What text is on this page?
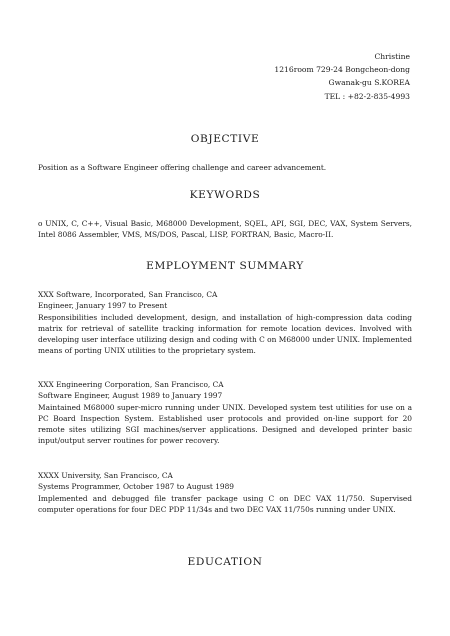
Christine
1216room 729-24 Bongcheon-dong
Gwanak-gu S.KOREA
TEL : +82-2-835-4993
OBJECTIVE
Position as a Software Engineer offering challenge and career advancement.
KEYWORDS
o UNIX, C, C++, Visual Basic, M68000 Development, SQEL, API, SGI, DEC, VAX, System Servers, Intel 8086 Assembler, VMS, MS/DOS, Pascal, LISP, FORTRAN, Basic, Macro-II.
EMPLOYMENT SUMMARY
XXX Software, Incorporated, San Francisco, CA
Engineer, January 1997 to Present
Responsibilities included development, design, and installation of high-compression data coding matrix for retrieval of satellite tracking information for remote location devices. Involved with developing user interface utilizing design and coding with C on M68000 under UNIX. Implemented means of porting UNIX utilities to the proprietary system.
XXX Engineering Corporation, San Francisco, CA
Software Engineer, August 1989 to January 1997
Maintained M68000 super-micro running under UNIX. Developed system test utilities for use on a PC Board Inspection System. Established user protocols and provided on-line support for 20 remote sites utilizing SGI machines/server applications. Designed and developed printer basic input/output server routines for power recovery.
XXXX University, San Francisco, CA
Systems Programmer, October 1987 to August 1989
Implemented and debugged file transfer package using C on DEC VAX 11/750. Supervised computer operations for four DEC PDP 11/34s and two DEC VAX 11/750s running under UNIX.
EDUCATION
